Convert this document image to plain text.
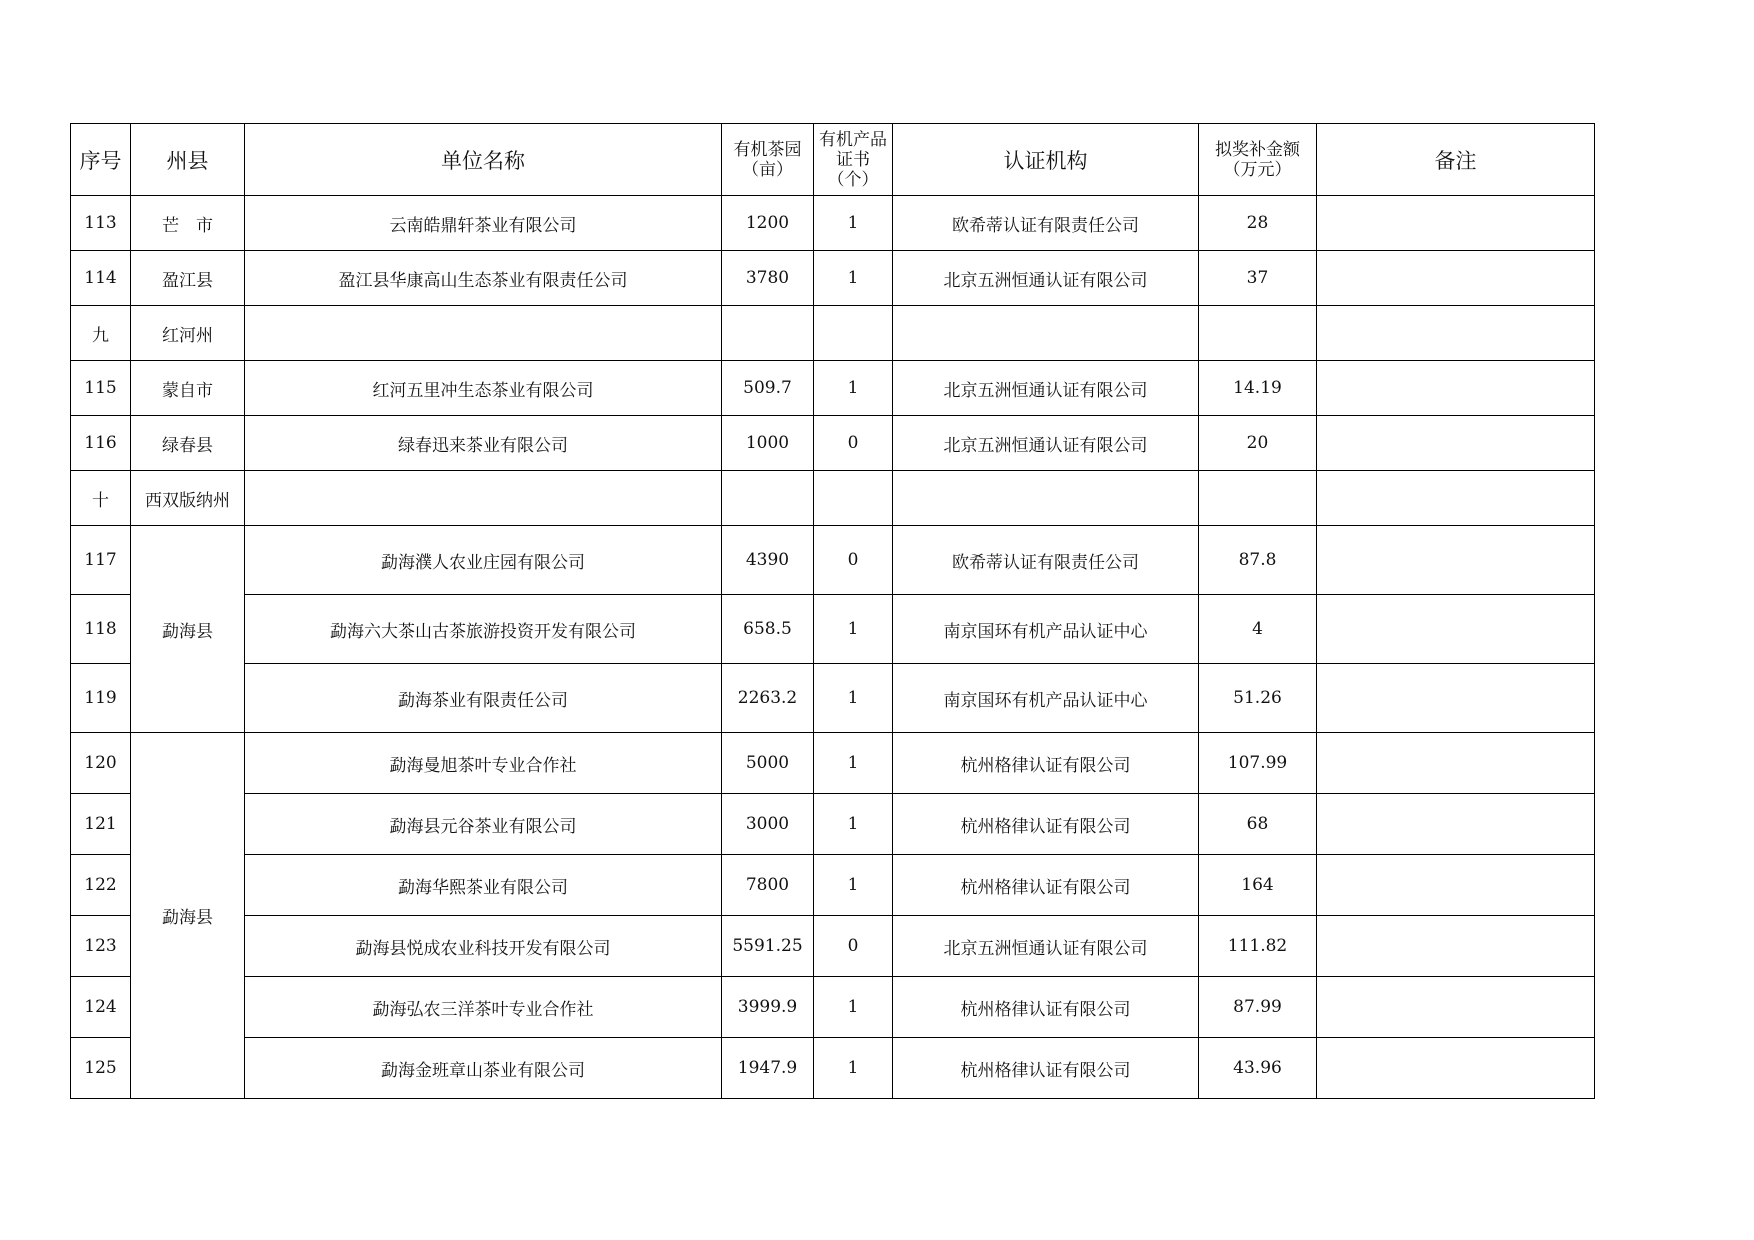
序号	州县	单位名称	有机茶园（亩）	有机产品证书（个）	认证机构	拟奖补金额（万元）	备注
113	芒　市	云南皓鼎轩茶业有限公司	1200	1	欧希蒂认证有限责任公司	28	
114	盈江县	盈江县华康高山生态茶业有限责任公司	3780	1	北京五洲恒通认证有限公司	37	
九	红河州						
115	蒙自市	红河五里冲生态茶业有限公司	509.7	1	北京五洲恒通认证有限公司	14.19	
116	绿春县	绿春迅来茶业有限公司	1000	0	北京五洲恒通认证有限公司	20	
十	西双版纳州						
117	勐海县	勐海濮人农业庄园有限公司	4390	0	欧希蒂认证有限责任公司	87.8	
118		勐海六大茶山古茶旅游投资开发有限公司	658.5	1	南京国环有机产品认证中心	4	
119		勐海茶业有限责任公司	2263.2	1	南京国环有机产品认证中心	51.26	
120	勐海县	勐海曼旭茶叶专业合作社	5000	1	杭州格律认证有限公司	107.99	
121		勐海县元谷茶业有限公司	3000	1	杭州格律认证有限公司	68	
122		勐海华熙茶业有限公司	7800	1	杭州格律认证有限公司	164	
123		勐海县悦成农业科技开发有限公司	5591.25	0	北京五洲恒通认证有限公司	111.82	
124		勐海弘农三洋茶叶专业合作社	3999.9	1	杭州格律认证有限公司	87.99	
125		勐海金班章山茶业有限公司	1947.9	1	杭州格律认证有限公司	43.96	
